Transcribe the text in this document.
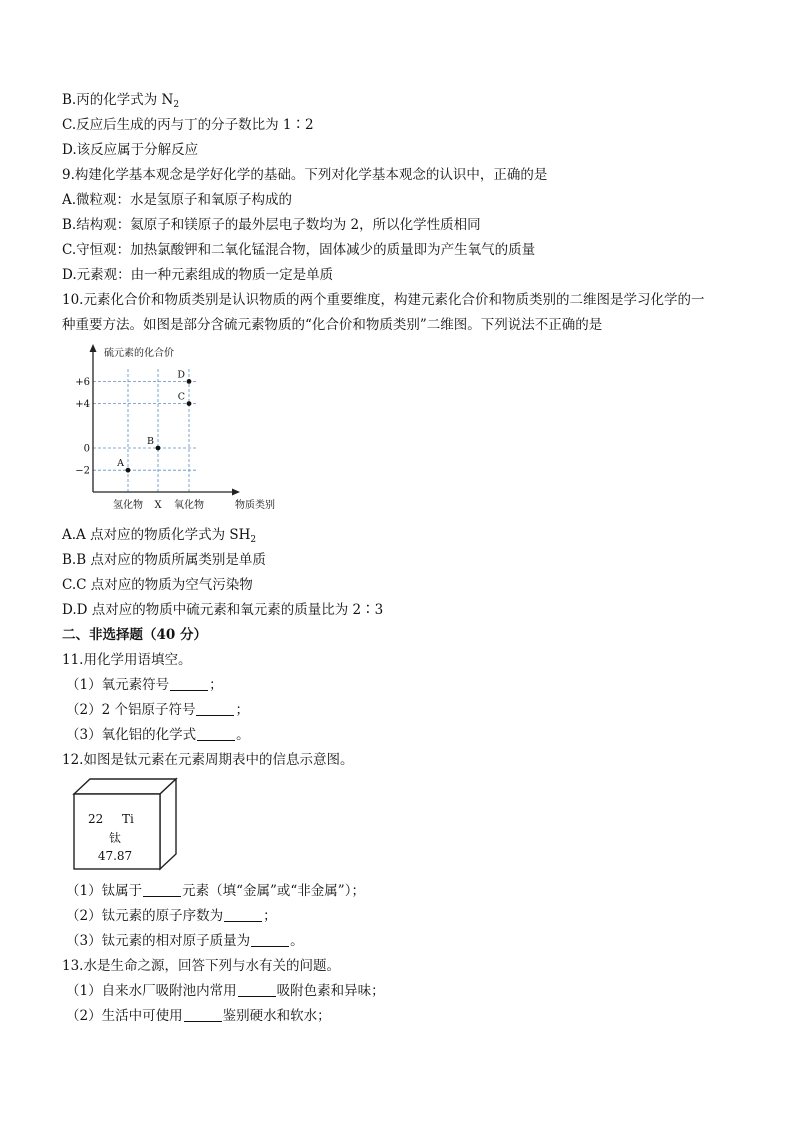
B.丙的化学式为 $N_2$
C.反应后生成的丙与丁的分子数比为 1∶2
D.该反应属于分解反应
9.构建化学基本观念是学好化学的基础。下列对化学基本观念的认识中，正确的是
A.微粒观：水是氢原子和氧原子构成的
B.结构观：氦原子和镁原子的最外层电子数均为 2，所以化学性质相同
C.守恒观：加热氯酸钾和二氧化锰混合物，固体减少的质量即为产生氧气的质量
D.元素观：由一种元素组成的物质一定是单质
10.元素化合价和物质类别是认识物质的两个重要维度，构建元素化合价和物质类别的二维图是学习化学的一
种重要方法。如图是部分含硫元素物质的“化合价和物质类别”二维图。下列说法不正确的是
硫元素的化合价
物质类别
+6
+4
0
−2
氢化物 X 氧化物
A
B
C
D
A.A 点对应的物质化学式为 $SH_2$
B.B 点对应的物质所属类别是单质
C.C 点对应的物质为空气污染物
D.D 点对应的物质中硫元素和氧元素的质量比为 2∶3
二、非选择题（40 分）
11.用化学用语填空。
（1）氧元素符号	；
（2）2 个铝原子符号	；
（3）氧化铝的化学式	。
12.如图是钛元素在元素周期表中的信息示意图。
22 Ti
钛
47.87
（1）钛属于	元素（填“金属”或“非金属”）；
（2）钛元素的原子序数为	；
（3）钛元素的相对原子质量为	。
13.水是生命之源，回答下列与水有关的问题。
（1）自来水厂吸附池内常用	吸附色素和异味；
（2）生活中可使用	鉴别硬水和软水；
